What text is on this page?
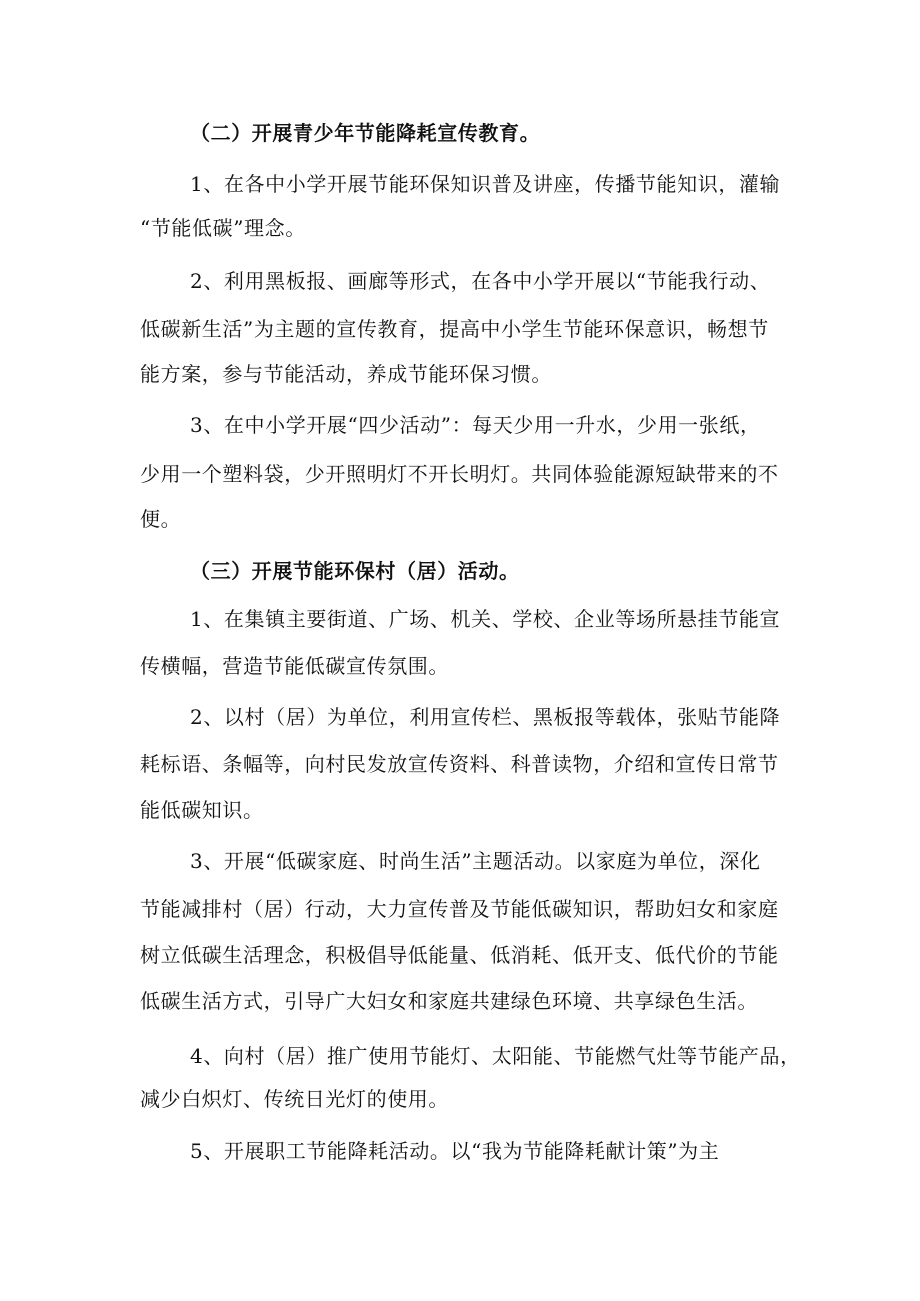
（二）开展青少年节能降耗宣传教育。

1、在各中小学开展节能环保知识普及讲座，传播节能知识，灌输

“节能低碳”理念。

2、利用黑板报、画廊等形式，在各中小学开展以“节能我行动、

低碳新生活”为主题的宣传教育，提高中小学生节能环保意识，畅想节

能方案，参与节能活动，养成节能环保习惯。

3、在中小学开展“四少活动”：每天少用一升水，少用一张纸，

少用一个塑料袋，少开照明灯不开长明灯。共同体验能源短缺带来的不

便。

（三）开展节能环保村（居）活动。

1、在集镇主要街道、广场、机关、学校、企业等场所悬挂节能宣

传横幅，营造节能低碳宣传氛围。

2、以村（居）为单位，利用宣传栏、黑板报等载体，张贴节能降

耗标语、条幅等，向村民发放宣传资料、科普读物，介绍和宣传日常节

能低碳知识。

3、开展“低碳家庭、时尚生活”主题活动。以家庭为单位，深化

节能减排村（居）行动，大力宣传普及节能低碳知识，帮助妇女和家庭

树立低碳生活理念，积极倡导低能量、低消耗、低开支、低代价的节能

低碳生活方式，引导广大妇女和家庭共建绿色环境、共享绿色生活。

4、向村（居）推广使用节能灯、太阳能、节能燃气灶等节能产品，

减少白炽灯、传统日光灯的使用。

5、开展职工节能降耗活动。以“我为节能降耗献计策”为主
